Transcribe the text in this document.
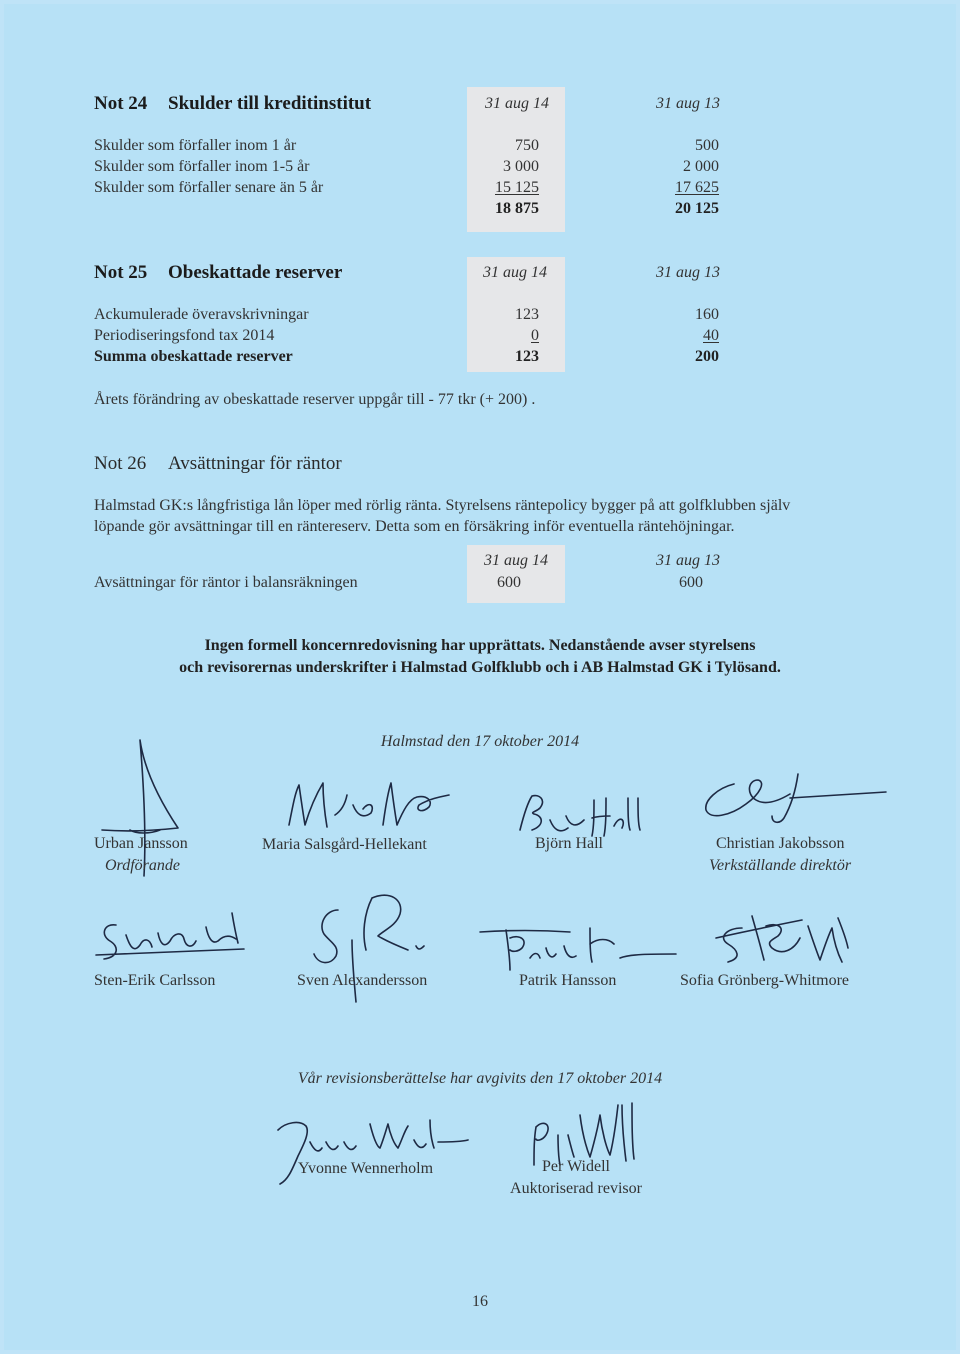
Not 24 Skulder till kreditinstitut	31 aug 14	31 aug 13
Skulder som förfaller inom 1 år	750	500
Skulder som förfaller inom 1-5 år	3 000	2 000
Skulder som förfaller senare än 5 år	15 125	17 625
18 875	20 125
Not 25 Obeskattade reserver	31 aug 14	31 aug 13
Ackumulerade överavskrivningar	123	160
Periodiseringsfond tax 2014	0	40
Summa obeskattade reserver	123	200
Årets förändring av obeskattade reserver uppgår till - 77 tkr (+ 200) .
Not 26 Avsättningar för räntor
Halmstad GK:s långfristiga lån löper med rörlig ränta. Styrelsens räntepolicy bygger på att golfklubben själv
löpande gör avsättningar till en räntereserv. Detta som en försäkring inför eventuella räntehöjningar.
31 aug 14	31 aug 13
Avsättningar för räntor i balansräkningen	600	600
Ingen formell koncernredovisning har upprättats. Nedanstående avser styrelsens
och revisorernas underskrifter i Halmstad Golfklubb och i AB Halmstad GK i Tylösand.
Halmstad den 17 oktober 2014
Urban Jansson
Ordförande
Maria Salsgård-Hellekant	Björn Hall	Christian Jakobsson
Verkställande direktör
Sten-Erik Carlsson	Sven Alexandersson	Patrik Hansson	Sofia Grönberg-Whitmore
Vår revisionsberättelse har avgivits den 17 oktober 2014
Yvonne Wennerholm	Per Widell
Auktoriserad revisor
16
